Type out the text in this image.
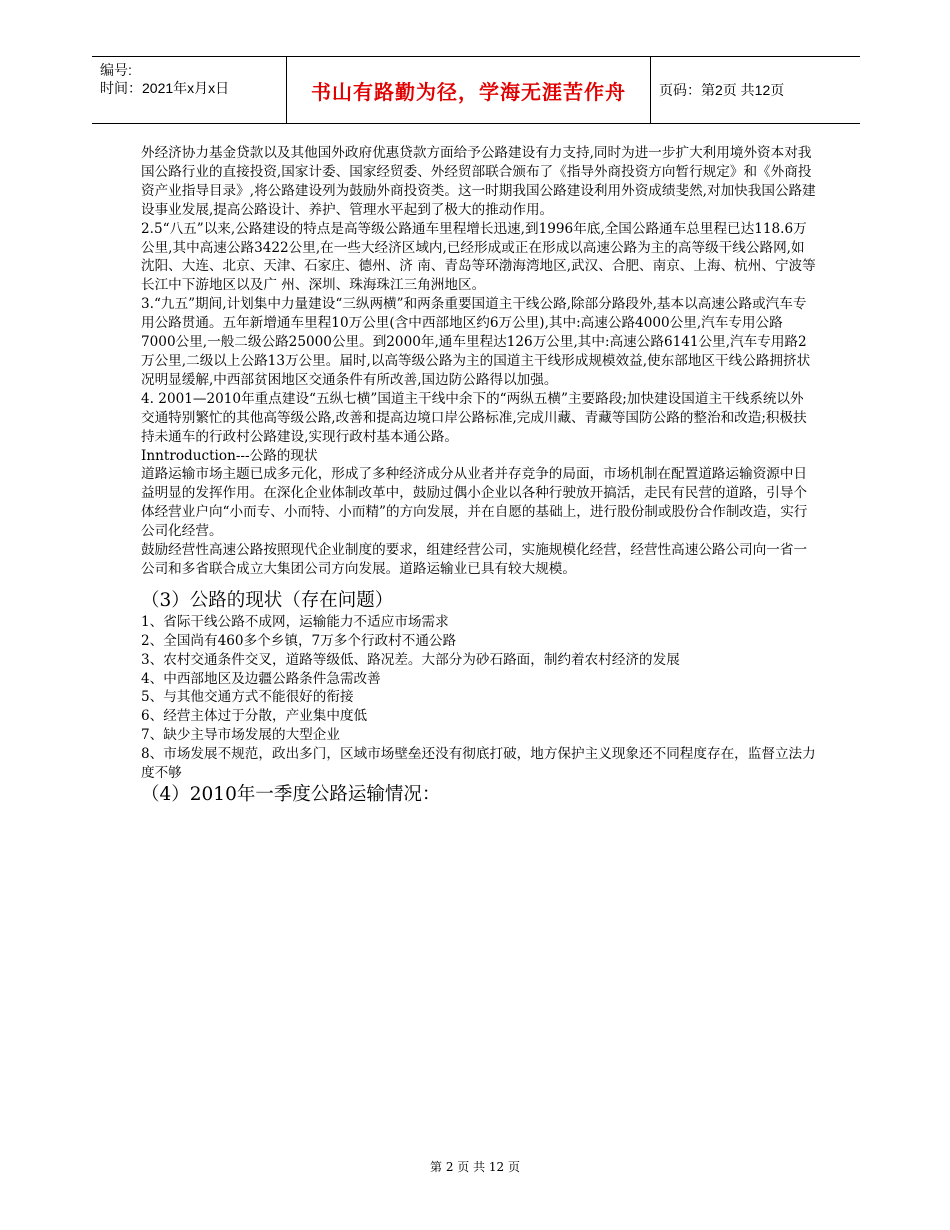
编号:
时间：2021年x月x日	书山有路勤为径，学海无涯苦作舟	页码：第2页 共12页

外经济协力基金贷款以及其他国外政府优惠贷款方面给予公路建设有力支持,同时为进一步扩大利用境外资本对我国公路行业的直接投资,国家计委、国家经贸委、外经贸部联合颁布了《指导外商投资方向暂行规定》和《外商投资产业指导目录》,将公路建设列为鼓励外商投资类。这一时期我国公路建设利用外资成绩斐然,对加快我国公路建设事业发展,提高公路设计、养护、管理水平起到了极大的推动作用。

2.5“八五”以来,公路建设的特点是高等级公路通车里程增长迅速,到1996年底,全国公路通车总里程已达118.6万公里,其中高速公路3422公里,在一些大经济区域内,已经形成或正在形成以高速公路为主的高等级干线公路网,如沈阳、大连、北京、天津、石家庄、德州、济 南、青岛等环渤海湾地区,武汉、合肥、南京、上海、杭州、宁波等长江中下游地区以及广 州、深圳、珠海珠江三角洲地区。

3.“九五”期间,计划集中力量建设“三纵两横”和两条重要国道主干线公路,除部分路段外,基本以高速公路或汽车专用公路贯通。五年新增通车里程10万公里(含中西部地区约6万公里),其中:高速公路4000公里,汽车专用公路7000公里,一般二级公路25000公里。到2000年,通车里程达126万公里,其中:高速公路6141公里,汽车专用路2万公里,二级以上公路13万公里。届时,以高等级公路为主的国道主干线形成规模效益,使东部地区干线公路拥挤状况明显缓解,中西部贫困地区交通条件有所改善,国边防公路得以加强。

4. 2001—2010年重点建设“五纵七横”国道主干线中余下的“两纵五横”主要路段;加快建设国道主干线系统以外交通特别繁忙的其他高等级公路,改善和提高边境口岸公路标准,完成川藏、青藏等国防公路的整治和改造;积极扶持未通车的行政村公路建设,实现行政村基本通公路。

Inntroduction---公路的现状

道路运输市场主题已成多元化，形成了多种经济成分从业者并存竞争的局面，市场机制在配置道路运输资源中日益明显的发挥作用。在深化企业体制改革中，鼓励过偶小企业以各种行驶放开搞活，走民有民营的道路，引导个体经营业户向“小而专、小而特、小而精”的方向发展，并在自愿的基础上，进行股份制或股份合作制改造，实行公司化经营。

鼓励经营性高速公路按照现代企业制度的要求，组建经营公司，实施规模化经营，经营性高速公路公司向一省一公司和多省联合成立大集团公司方向发展。道路运输业已具有较大规模。

（3）公路的现状（存在问题）

1、省际干线公路不成网，运输能力不适应市场需求

2、全国尚有460多个乡镇，7万多个行政村不通公路

3、农村交通条件交叉，道路等级低、路况差。大部分为砂石路面，制约着农村经济的发展

4、中西部地区及边疆公路条件急需改善

5、与其他交通方式不能很好的衔接

6、经营主体过于分散，产业集中度低

7、缺少主导市场发展的大型企业

8、市场发展不规范，政出多门，区域市场壁垒还没有彻底打破，地方保护主义现象还不同程度存在，监督立法力度不够

（4）2010年一季度公路运输情况：

第 2 页 共 12 页
